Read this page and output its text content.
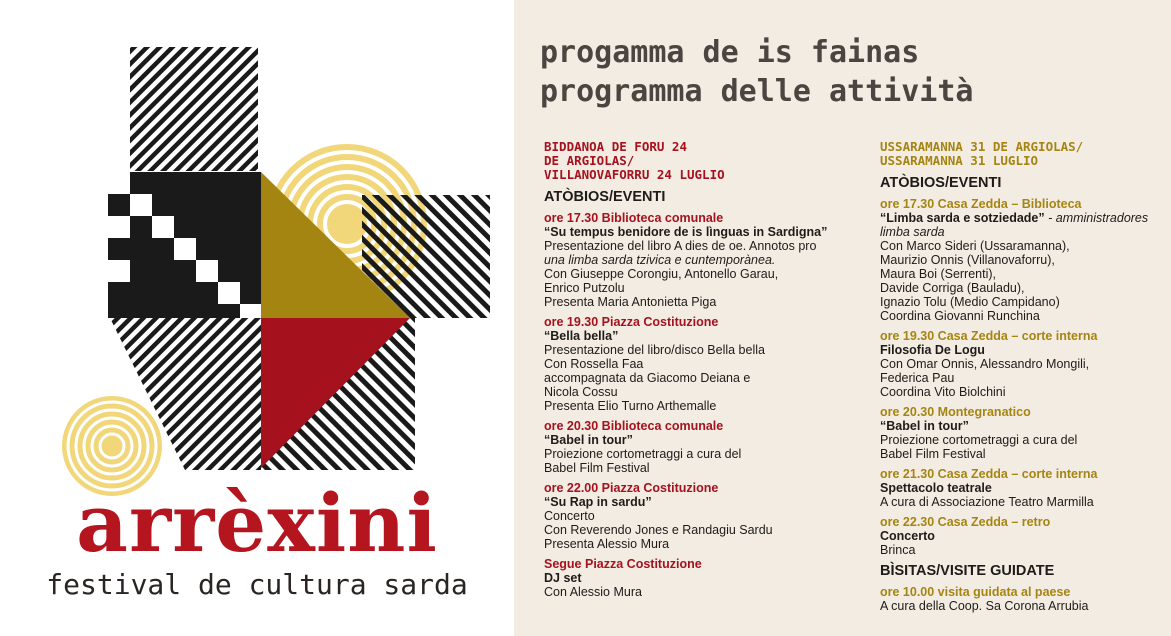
arrèxini
festival de cultura sarda
progamma de is fainas
programma delle attività
BIDDANOA DE FORU 24
DE ARGIOLAS/
VILLANOVAFORRU 24 LUGLIO
ATÒBIOS/EVENTI
ore 17.30 Biblioteca comunale
“Su tempus benidore de is lìnguas in Sardigna”
Presentazione del libro A dies de oe. Annotos pro
una limba sarda tzivica e cuntemporànea.
Con Giuseppe Corongiu, Antonello Garau,
Enrico Putzolu
Presenta Maria Antonietta Piga
ore 19.30 Piazza Costituzione
“Bella bella”
Presentazione del libro/disco Bella bella
Con Rossella Faa
accompagnata da Giacomo Deiana e
Nicola Cossu
Presenta Elio Turno Arthemalle
ore 20.30 Biblioteca comunale
“Babel in tour”
Proiezione cortometraggi a cura del
Babel Film Festival
ore 22.00 Piazza Costituzione
“Su Rap in sardu”
Concerto
Con Reverendo Jones e Randagiu Sardu
Presenta Alessio Mura
Segue Piazza Costituzione
DJ set
Con Alessio Mura
USSARAMANNA 31 DE ARGIOLAS/
USSARAMANNA 31 LUGLIO
ATÒBIOS/EVENTI
ore 17.30 Casa Zedda – Biblioteca
“Limba sarda e sotziedade” - amministradores
limba sarda
Con Marco Sideri (Ussaramanna),
Maurizio Onnis (Villanovaforru),
Maura Boi (Serrenti),
Davide Corriga (Bauladu),
Ignazio Tolu (Medio Campidano)
Coordina Giovanni Runchina
ore 19.30 Casa Zedda – corte interna
Filosofia De Logu
Con Omar Onnis, Alessandro Mongili,
Federica Pau
Coordina Vito Biolchini
ore 20.30 Montegranatico
“Babel in tour”
Proiezione cortometraggi a cura del
Babel Film Festival
ore 21.30 Casa Zedda – corte interna
Spettacolo teatrale
A cura di Associazione Teatro Marmilla
ore 22.30 Casa Zedda – retro
Concerto
Brinca
BÌSITAS/VISITE GUIDATE
ore 10.00 visita guidata al paese
A cura della Coop. Sa Corona Arrubia
